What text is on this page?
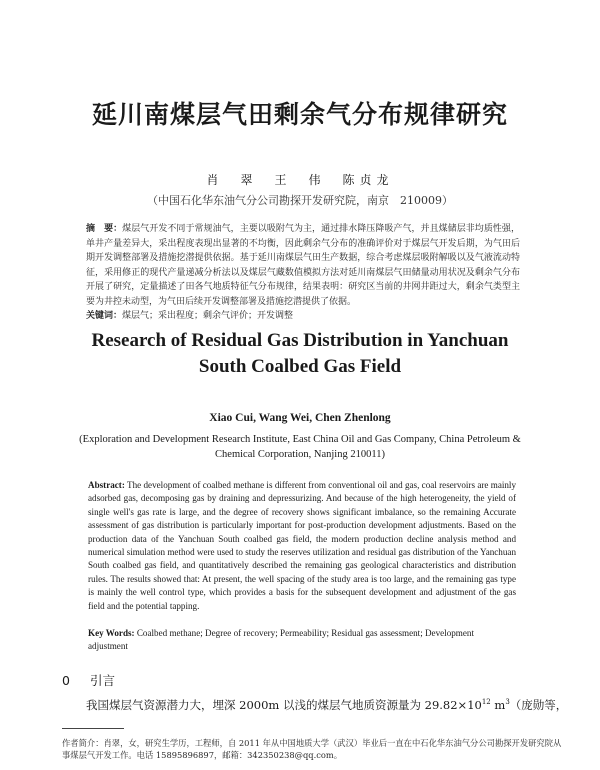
延川南煤层气田剩余气分布规律研究
肖　翠　王　伟　陈贞龙
（中国石化华东油气分公司勘探开发研究院，南京　210009）
摘　要：煤层气开发不同于常规油气，主要以吸附气为主，通过排水降压降吸产气，并且煤储层非均质性强，单井产量差异大，采出程度表现出显著的不均衡，因此剩余气分布的准确评价对于煤层气开发后期，为气田后期开发调整部署及措施挖潜提供依据。基于延川南煤层气田生产数据，综合考虑煤层吸附解吸以及气液流动特征，采用修正的现代产量递减分析法以及煤层气藏数值模拟方法对延川南煤层气田储量动用状况及剩余气分布开展了研究，定量描述了田各气地质特征气分布规律，结果表明：研究区当前的井网井距过大，剩余气类型主要为井控未动型，为气田后续开发调整部署及措施挖潜提供了依据。
关键词：煤层气；采出程度；剩余气评价；开发调整
Research of Residual Gas Distribution in Yanchuan
South Coalbed Gas Field
Xiao Cui, Wang Wei, Chen Zhenlong
(Exploration and Development Research Institute, East China Oil and Gas Company, China Petroleum & Chemical Corporation, Nanjing 210011)
Abstract: The development of coalbed methane is different from conventional oil and gas, coal reservoirs are mainly adsorbed gas, decomposing gas by draining and depressurizing. And because of the high heterogeneity, the yield of single well's gas rate is large, and the degree of recovery shows significant imbalance, so the remaining Accurate assessment of gas distribution is particularly important for post-production development adjustments. Based on the production data of the Yanchuan South coalbed gas field, the modern production decline analysis method and numerical simulation method were used to study the reserves utilization and residual gas distribution of the Yanchuan South coalbed gas field, and quantitatively described the remaining gas geological characteristics and distribution rules. The results showed that: At present, the well spacing of the study area is too large, and the remaining gas type is mainly the well control type, which provides a basis for the subsequent development and adjustment of the gas field and the potential tapping.
Key Words: Coalbed methane; Degree of recovery; Permeability; Residual gas assessment; Development adjustment
0 引言
我国煤层气资源潜力大，埋深 2000m 以浅的煤层气地质资源量为 $29.82\times 10^{12}$ $m^3$（庞勋等，
作者简介：肖翠，女，研究生学历，工程师，自 2011 年从中国地质大学（武汉）毕业后一直在中石化华东油气分公司勘探开发研究院从事煤层气开发工作。电话 15895896897，邮箱：342350238@qq.com。
